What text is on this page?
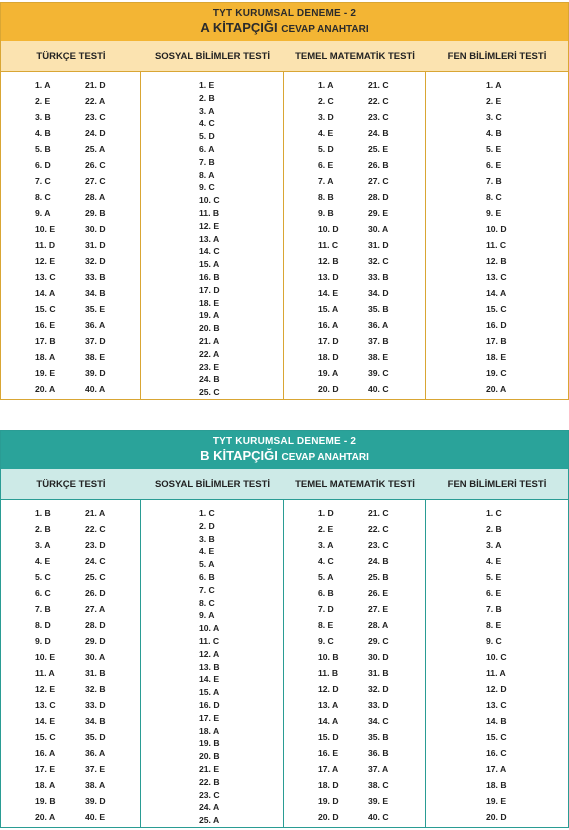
TYT KURUMSAL DENEME - 2
A KİTAPÇIĞI CEVAP ANAHTARI
TÜRKÇE TESTİ	SOSYAL BİLİMLER TESTİ	TEMEL MATEMATİK TESTİ	FEN BİLİMLERİ TESTİ
1. A
2. E
3. B
4. B
5. B
6. D
7. C
8. C
9. A
10. E
11. D
12. E
13. C
14. A
15. C
16. E
17. B
18. A
19. E
20. A
21. D
22. A
23. C
24. D
25. A
26. C
27. C
28. A
29. B
30. D
31. D
32. D
33. B
34. B
35. E
36. A
37. D
38. E
39. D
40. A
1. E
2. B
3. A
4. C
5. D
6. A
7. B
8. A
9. C
10. C
11. B
12. E
13. A
14. C
15. A
16. B
17. D
18. E
19. A
20. B
21. A
22. A
23. E
24. B
25. C
1. A
2. C
3. D
4. E
5. D
6. E
7. A
8. B
9. B
10. D
11. C
12. B
13. D
14. E
15. A
16. A
17. D
18. D
19. A
20. D
21. C
22. C
23. C
24. B
25. E
26. B
27. C
28. D
29. E
30. A
31. D
32. C
33. B
34. D
35. B
36. A
37. B
38. E
39. C
40. C
1. A
2. E
3. C
4. B
5. E
6. E
7. B
8. C
9. E
10. D
11. C
12. B
13. C
14. A
15. C
16. D
17. B
18. E
19. C
20. A
TYT KURUMSAL DENEME - 2
B KİTAPÇIĞI CEVAP ANAHTARI
TÜRKÇE TESTİ	SOSYAL BİLİMLER TESTİ	TEMEL MATEMATİK TESTİ	FEN BİLİMLERİ TESTİ
1. B
2. B
3. A
4. E
5. C
6. C
7. B
8. D
9. D
10. E
11. A
12. E
13. C
14. E
15. C
16. A
17. E
18. A
19. B
20. A
21. A
22. C
23. D
24. C
25. C
26. D
27. A
28. D
29. D
30. A
31. B
32. B
33. D
34. B
35. D
36. A
37. E
38. A
39. D
40. E
1. C
2. D
3. B
4. E
5. A
6. B
7. C
8. C
9. A
10. A
11. C
12. A
13. B
14. E
15. A
16. D
17. E
18. A
19. B
20. B
21. E
22. B
23. C
24. A
25. A
1. D
2. E
3. A
4. C
5. A
6. B
7. D
8. E
9. C
10. B
11. B
12. D
13. A
14. A
15. D
16. E
17. A
18. D
19. D
20. D
21. C
22. C
23. C
24. B
25. B
26. E
27. E
28. A
29. C
30. D
31. B
32. D
33. D
34. C
35. B
36. B
37. A
38. C
39. E
40. C
1. C
2. B
3. A
4. E
5. E
6. E
7. B
8. E
9. C
10. C
11. A
12. D
13. C
14. B
15. C
16. C
17. A
18. B
19. E
20. D
